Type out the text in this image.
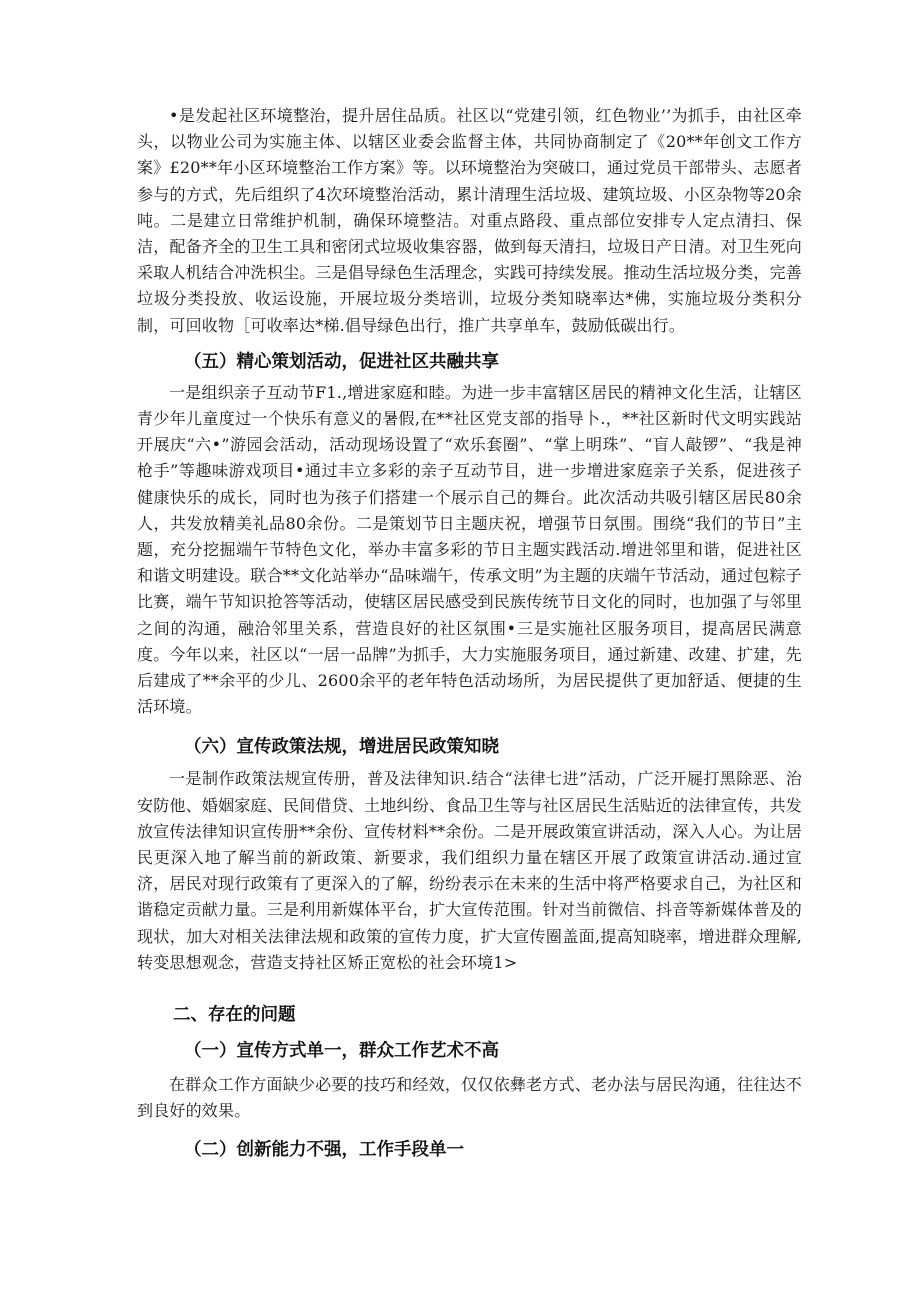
•是发起社区环境整治，提升居住品质。社区以“党建引领，红色物业’’为抓手，由社区牵头，以物业公司为实施主体、以辖区业委会监督主体，共同协商制定了《20**年创文工作方案》£20**年小区环境整治工作方案》等。以环境整治为突破口，通过党员干部带头、志愿者参与的方式，先后组织了4次环境整治活动，累计清理生活垃圾、建筑垃圾、小区杂物等20余吨。二是建立日常维护机制，确保环境整洁。对重点路段、重点部位安排专人定点清扫、保洁，配备齐全的卫生工具和密闭式垃圾收集容器，做到每天清扫，垃圾日产日清。对卫生死向采取人机结合冲洗枳尘。三是倡导绿色生活理念，实践可持续发展。推动生活垃圾分类，完善垃圾分类投放、收运设施，开展垃圾分类培训，垃圾分类知晓率达*佛，实施垃圾分类积分制，可回收物［可收率达*梯.倡导绿色出行，推广共享单车，鼓励低碳出行。

（五）精心策划活动，促进社区共融共享

一是组织亲子互动节F1.,增进家庭和睦。为进一步丰富辖区居民的精神文化生活，让辖区青少年儿童度过一个快乐有意义的暑假,在**社区党支部的指导卜.，**社区新时代文明实践站开展庆“六•”游园会活动，活动现场设置了“欢乐套圈”、“掌上明珠”、“盲人敲锣”、“我是神枪手”等趣味游戏项目•通过丰立多彩的亲子互动节目，进一步增进家庭亲子关系，促进孩子健康快乐的成长，同时也为孩子们搭建一个展示自己的舞台。此次活动共吸引辖区居民80余人，共发放精美礼品80余份。二是策划节日主题庆祝，增强节日氛围。围绕“我们的节日”主题，充分挖掘端午节特色文化，举办丰富多彩的节日主题实践活动.增进邻里和谐，促进社区和谐文明建设。联合**文化站举办“品味端午，传承文明”为主题的庆端午节活动，通过包粽子比赛，端午节知识抢答等活动，使辖区居民感受到民族传统节日文化的同时，也加强了与邻里之间的沟通，融洽邻里关系，营造良好的社区氛围•三是实施社区服务项目，提高居民满意度。今年以来，社区以“一居一品牌”为抓手，大力实施服务项目，通过新建、改建、扩建，先后建成了**余平的少儿、2600余平的老年特色活动场所，为居民提供了更加舒适、便捷的生活环境。

（六）宣传政策法规，增进居民政策知晓

一是制作政策法规宣传册，普及法律知识.结合“法律七进”活动，广泛开屣打黑除恶、治安防他、婚姻家庭、民间借贷、土地纠纷、食品卫生等与社区居民生活贴近的法律宣传，共发放宣传法律知识宣传册**余份、宣传材料**余份。二是开展政策宣讲活动，深入人心。为让居民更深入地了解当前的新政策、新要求，我们组织力量在辖区开展了政策宣讲活动.通过宣济，居民对现行政策有了更深入的了解，纷纷表示在未来的生活中将严格要求自己，为社区和谐稳定贡献力量。三是利用新媒体平台，扩大宣传范围。针对当前微信、抖音等新媒体普及的现状，加大对相关法律法规和政策的宣传力度，扩大宣传圈盖面,提高知晓率，增进群众理解,转变思想观念，营造支持社区矫正宽松的社会环境1>

二、存在的问题
（一）宣传方式单一，群众工作艺术不高

在群众工作方面缺少必要的技巧和经效，仅仅依彝老方式、老办法与居民沟通，往往达不到良好的效果。

（二）创新能力不强，工作手段单一
